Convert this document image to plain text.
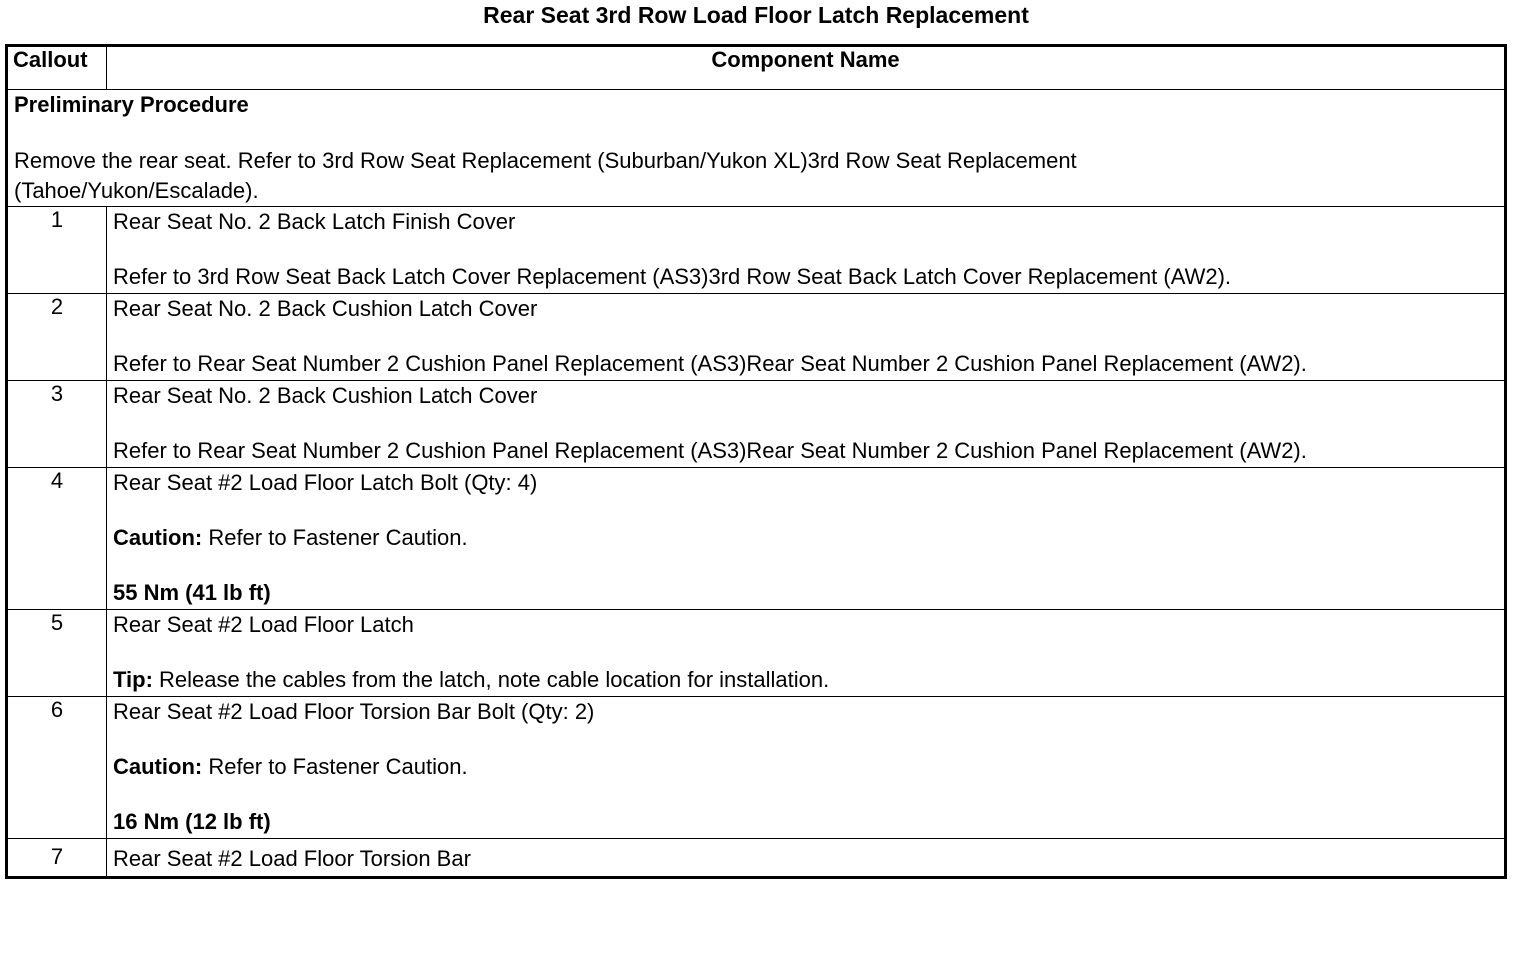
Rear Seat 3rd Row Load Floor Latch Replacement
Callout	Component Name

Preliminary Procedure

Remove the rear seat. Refer to 3rd Row Seat Replacement (Suburban/Yukon XL)3rd Row Seat Replacement
(Tahoe/Yukon/Escalade).	

1	Rear Seat No. 2 Back Latch Finish Cover

Refer to 3rd Row Seat Back Latch Cover Replacement (AS3)3rd Row Seat Back Latch Cover Replacement (AW2).

2	Rear Seat No. 2 Back Cushion Latch Cover

Refer to Rear Seat Number 2 Cushion Panel Replacement (AS3)Rear Seat Number 2 Cushion Panel Replacement (AW2).

3	Rear Seat No. 2 Back Cushion Latch Cover

Refer to Rear Seat Number 2 Cushion Panel Replacement (AS3)Rear Seat Number 2 Cushion Panel Replacement (AW2).

4	Rear Seat #2 Load Floor Latch Bolt (Qty: 4)

Caution: Refer to Fastener Caution.

55 Nm (41 lb ft)

5	Rear Seat #2 Load Floor Latch

Tip: Release the cables from the latch, note cable location for installation.

6	Rear Seat #2 Load Floor Torsion Bar Bolt (Qty: 2)

Caution: Refer to Fastener Caution.

16 Nm (12 lb ft)

7	Rear Seat #2 Load Floor Torsion Bar
